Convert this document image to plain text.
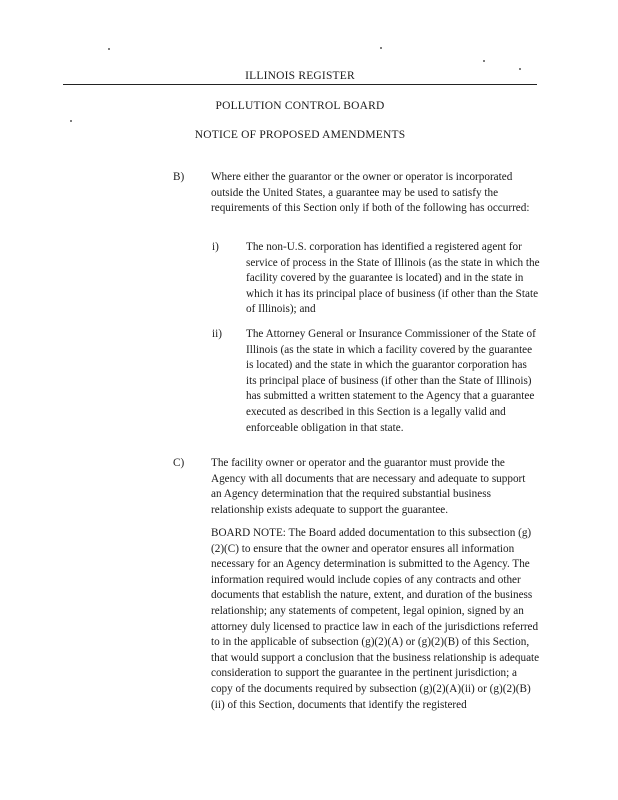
ILLINOIS REGISTER
POLLUTION CONTROL BOARD
NOTICE OF PROPOSED AMENDMENTS
B) Where either the guarantor or the owner or operator is incorporated outside the United States, a guarantee may be used to satisfy the requirements of this Section only if both of the following has occurred:
i) The non-U.S. corporation has identified a registered agent for service of process in the State of Illinois (as the state in which the facility covered by the guarantee is located) and in the state in which it has its principal place of business (if other than the State of Illinois); and
ii) The Attorney General or Insurance Commissioner of the State of Illinois (as the state in which a facility covered by the guarantee is located) and the state in which the guarantor corporation has its principal place of business (if other than the State of Illinois) has submitted a written statement to the Agency that a guarantee executed as described in this Section is a legally valid and enforceable obligation in that state.
C) The facility owner or operator and the guarantor must provide the Agency with all documents that are necessary and adequate to support an Agency determination that the required substantial business relationship exists adequate to support the guarantee.
BOARD NOTE: The Board added documentation to this subsection (g)(2)(C) to ensure that the owner and operator ensures all information necessary for an Agency determination is submitted to the Agency. The information required would include copies of any contracts and other documents that establish the nature, extent, and duration of the business relationship; any statements of competent, legal opinion, signed by an attorney duly licensed to practice law in each of the jurisdictions referred to in the applicable of subsection (g)(2)(A) or (g)(2)(B) of this Section, that would support a conclusion that the business relationship is adequate consideration to support the guarantee in the pertinent jurisdiction; a copy of the documents required by subsection (g)(2)(A)(ii) or (g)(2)(B)(ii) of this Section, documents that identify the registered
